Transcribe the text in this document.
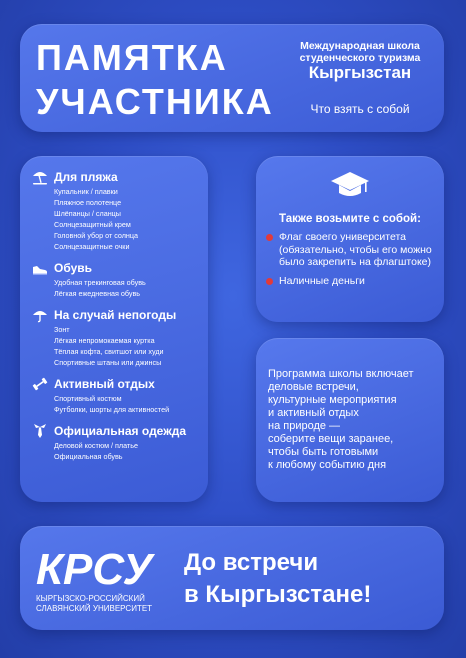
ПАМЯТКА
УЧАСТНИКА
Международная школа
студенческого туризма
Кыргызстан
Что взять с собой
Для пляжа
Купальник / плавки
Пляжное полотенце
Шлёпанцы / сланцы
Солнцезащитный крем
Головной убор от солнца
Солнцезащитные очки
Обувь
Удобная трекинговая обувь
Лёгкая ежедневная обувь
На случай непогоды
Зонт
Лёгкая непромокаемая куртка
Тёплая кофта, свитшот или худи
Спортивные штаны или джинсы
Активный отдых
Спортивный костюм
Футболки, шорты для активностей
Официальная одежда
Деловой костюм / платье
Официальная обувь
Также возьмите с собой:
Флаг своего университета (обязательно, чтобы его можно было закрепить на флагштоке)
Наличные деньги
Программа школы включает
деловые встречи,
культурные мероприятия
и активный отдых
на природе —
соберите вещи заранее,
чтобы быть готовыми
к любому событию дня
КРСУ
КЫРГЫЗСКО-РОССИЙСКИЙ
СЛАВЯНСКИЙ УНИВЕРСИТЕТ
До встречи
в Кыргызстане!
